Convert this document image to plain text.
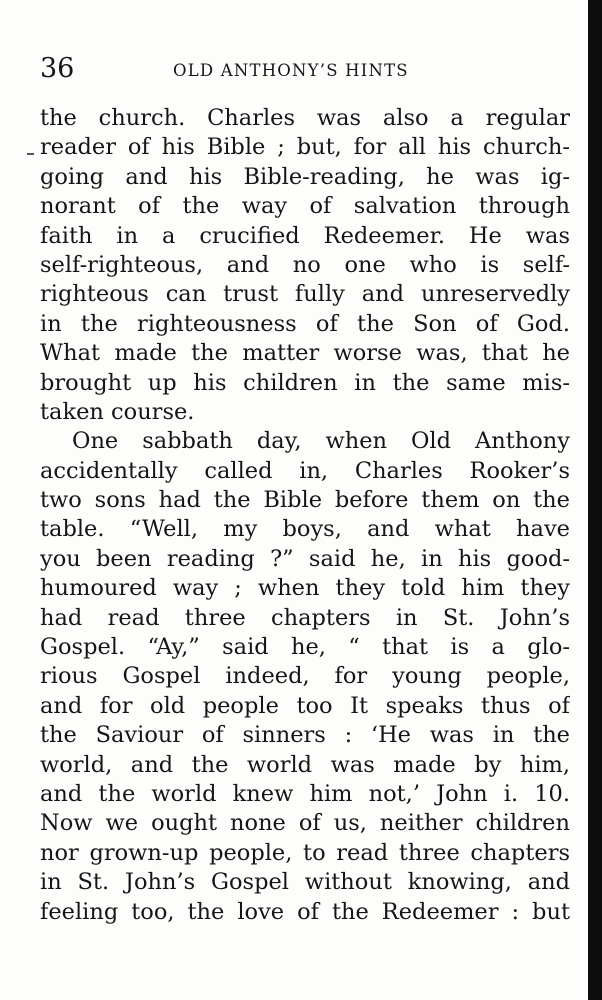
36	OLD ANTHONY’S HINTS
the church. Charles was also a regular
reader of his Bible ; but, for all his church-
going and his Bible-reading, he was ig-
norant of the way of salvation through
faith in a crucified Redeemer. He was
self-righteous, and no one who is self-
righteous can trust fully and unreservedly
in the righteousness of the Son of God.
What made the matter worse was, that he
brought up his children in the same mis-
taken course.
One sabbath day, when Old Anthony
accidentally called in, Charles Rooker’s
two sons had the Bible before them on the
table. “Well, my boys, and what have
you been reading ?” said he, in his good-
humoured way ; when they told him they
had read three chapters in St. John’s
Gospel. “Ay,” said he, “ that is a glo-
rious Gospel indeed, for young people,
and for old people too It speaks thus of
the Saviour of sinners : ‘He was in the
world, and the world was made by him,
and the world knew him not,’ John i. 10.
Now we ought none of us, neither children
nor grown-up people, to read three chapters
in St. John’s Gospel without knowing, and
feeling too, the love of the Redeemer : but
